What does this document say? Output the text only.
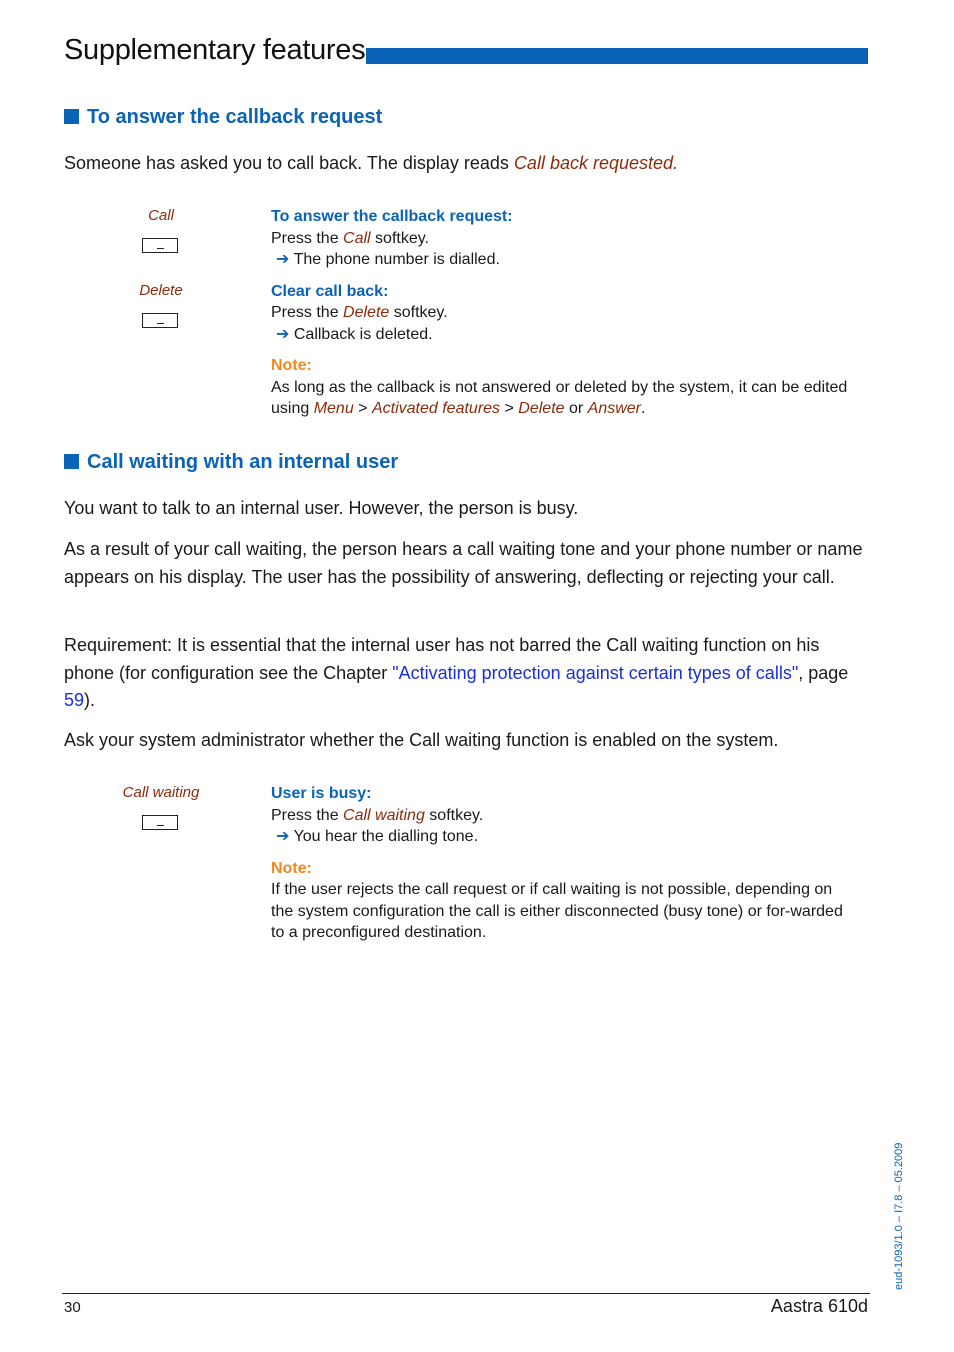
Supplementary features
To answer the callback request
Someone has asked you to call back. The display reads Call back requested.
Call
Delete
To answer the callback request:
Press the Call softkey.
➔ The phone number is dialled.
Clear call back:
Press the Delete softkey.
➔ Callback is deleted.
Note:
As long as the callback is not answered or deleted by the system, it can be edited using Menu > Activated features > Delete or Answer.
Call waiting with an internal user
You want to talk to an internal user. However, the person is busy.
As a result of your call waiting, the person hears a call waiting tone and your phone number or name appears on his display. The user has the possibility of answering, deflecting or rejecting your call.
Requirement: It is essential that the internal user has not barred the Call waiting function on his phone (for configuration see the Chapter "Activating protection against certain types of calls", page 59).
Ask your system administrator whether the Call waiting function is enabled on the system.
Call waiting	User is busy:
Press the Call waiting softkey.
➔ You hear the dialling tone.
Note:
If the user rejects the call request or if call waiting is not possible, depending on the system configuration the call is either disconnected (busy tone) or for-warded to a preconfigured destination.
eud-1093/1.0 – I7.8 – 05.2009
30	Aastra 610d
